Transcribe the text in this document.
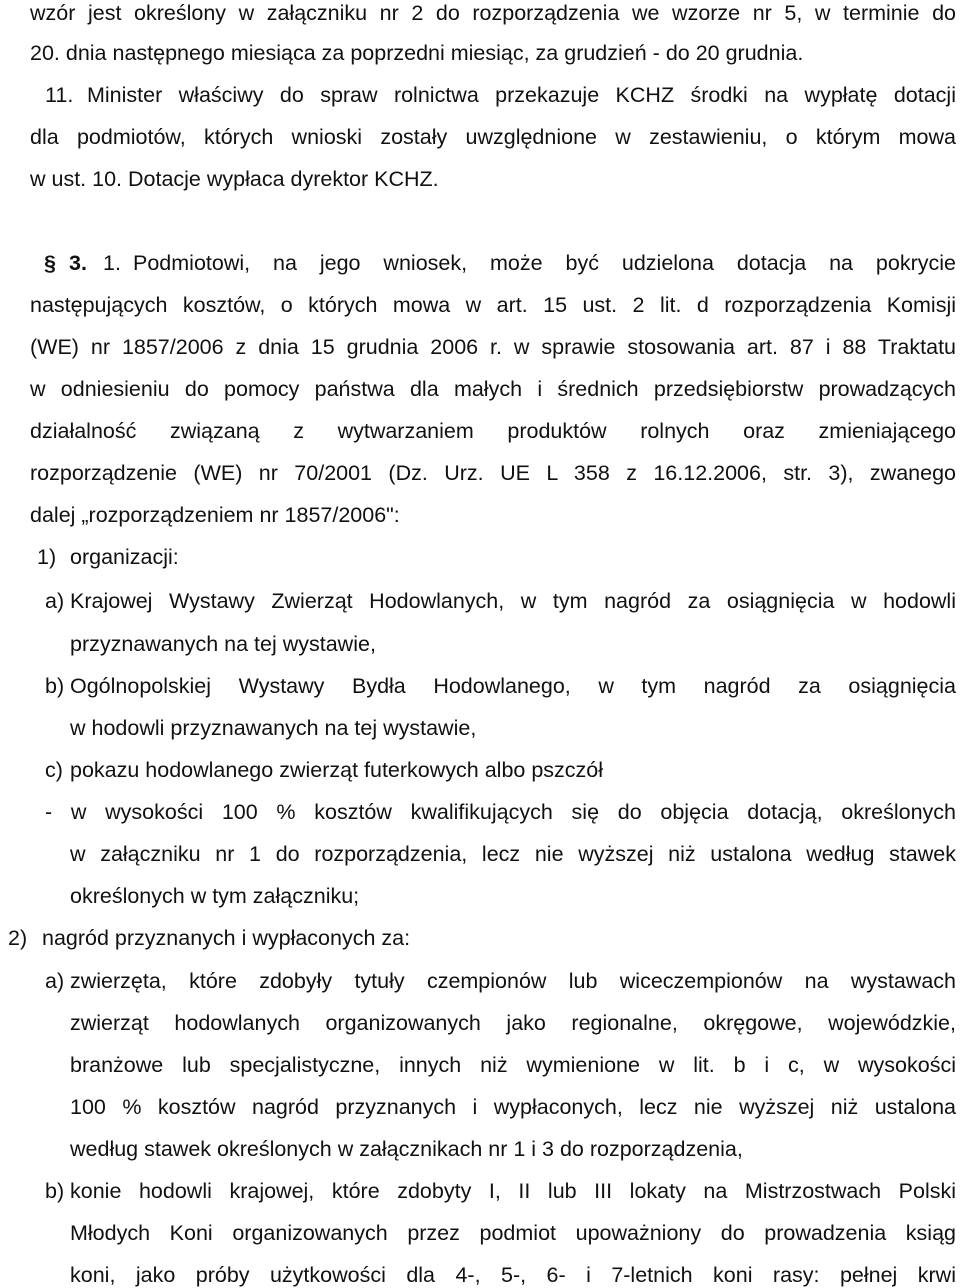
wzór jest określony w załączniku nr 2 do rozporządzenia we wzorze nr 5, w terminie do
20. dnia następnego miesiąca za poprzedni miesiąc, za grudzień - do 20 grudnia.
11. Minister właściwy do spraw rolnictwa przekazuje KCHZ środki na wypłatę dotacji
dla podmiotów, których wnioski zostały uwzględnione w zestawieniu, o którym mowa
w ust. 10. Dotacje wypłaca dyrektor KCHZ.
§ 3. 1. Podmiotowi, na jego wniosek, może być udzielona dotacja na pokrycie
następujących kosztów, o których mowa w art. 15 ust. 2 lit. d rozporządzenia Komisji
(WE) nr 1857/2006 z dnia 15 grudnia 2006 r. w sprawie stosowania art. 87 i 88 Traktatu
w odniesieniu do pomocy państwa dla małych i średnich przedsiębiorstw prowadzących
działalność związaną z wytwarzaniem produktów rolnych oraz zmieniającego
rozporządzenie (WE) nr 70/2001 (Dz. Urz. UE L 358 z 16.12.2006, str. 3), zwanego
dalej „rozporządzeniem nr 1857/2006":
1) organizacji:
a) Krajowej Wystawy Zwierząt Hodowlanych, w tym nagród za osiągnięcia w hodowli
przyznawanych na tej wystawie,
b) Ogólnopolskiej Wystawy Bydła Hodowlanego, w tym nagród za osiągnięcia
w hodowli przyznawanych na tej wystawie,
c) pokazu hodowlanego zwierząt futerkowych albo pszczół
- w wysokości 100 % kosztów kwalifikujących się do objęcia dotacją, określonych
w załączniku nr 1 do rozporządzenia, lecz nie wyższej niż ustalona według stawek
określonych w tym załączniku;
2) nagród przyznanych i wypłaconych za:
a) zwierzęta, które zdobyły tytuły czempionów lub wiceczempionów na wystawach
zwierząt hodowlanych organizowanych jako regionalne, okręgowe, wojewódzkie,
branżowe lub specjalistyczne, innych niż wymienione w lit. b i c, w wysokości
100 % kosztów nagród przyznanych i wypłaconych, lecz nie wyższej niż ustalona
według stawek określonych w załącznikach nr 1 i 3 do rozporządzenia,
b) konie hodowli krajowej, które zdobyty I, II lub III lokaty na Mistrzostwach Polski
Młodych Koni organizowanych przez podmiot upoważniony do prowadzenia ksiąg
koni, jako próby użytkowości dla 4-, 5-, 6- i 7-letnich koni rasy: pełnej krwi
